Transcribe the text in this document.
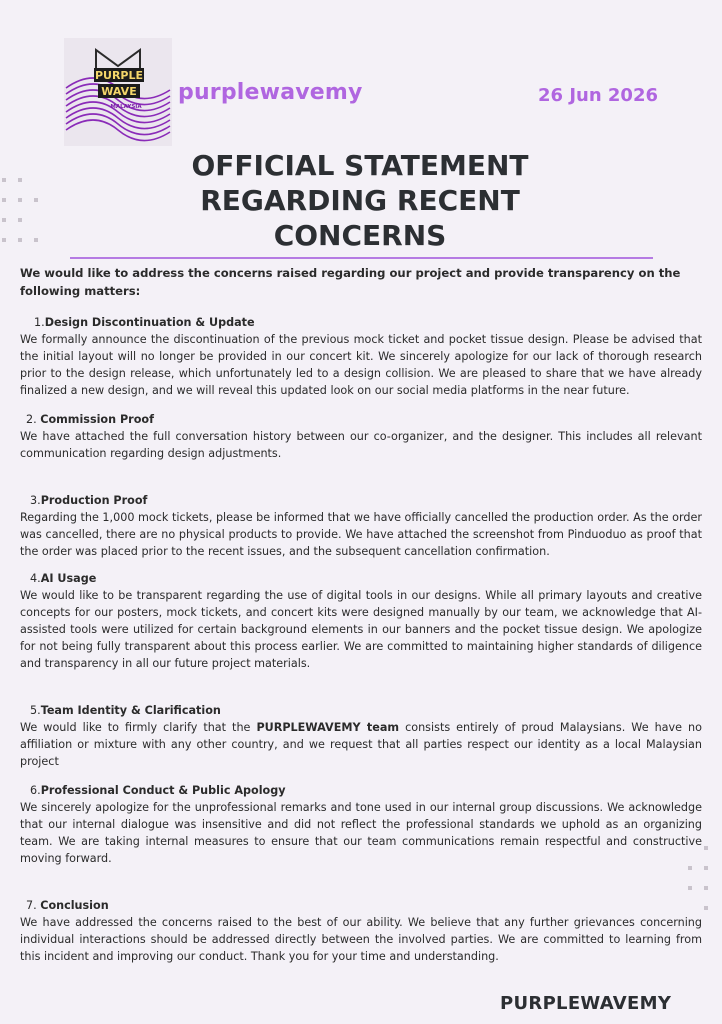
PURPLE
WAVE
MALAYSIA
purplewavemy	26 Jun 2026
OFFICIAL STATEMENT
REGARDING RECENT
CONCERNS

We would like to address the concerns raised regarding our project and provide transparency on the following matters:

1.Design Discontinuation & Update

We formally announce the discontinuation of the previous mock ticket and pocket tissue design. Please be advised that the initial layout will no longer be provided in our concert kit. We sincerely apologize for our lack of thorough research prior to the design release, which unfortunately led to a design collision. We are pleased to share that we have already finalized a new design, and we will reveal this updated look on our social media platforms in the near future.

2. Commission Proof

We have attached the full conversation history between our co-organizer, and the designer. This includes all relevant communication regarding design adjustments.

3.Production Proof

Regarding the 1,000 mock tickets, please be informed that we have officially cancelled the production order. As the order was cancelled, there are no physical products to provide. We have attached the screenshot from Pinduoduo as proof that the order was placed prior to the recent issues, and the subsequent cancellation confirmation.

4.AI Usage

We would like to be transparent regarding the use of digital tools in our designs. While all primary layouts and creative concepts for our posters, mock tickets, and concert kits were designed manually by our team, we acknowledge that AI-assisted tools were utilized for certain background elements in our banners and the pocket tissue design. We apologize for not being fully transparent about this process earlier. We are committed to maintaining higher standards of diligence and transparency in all our future project materials.

5.Team Identity & Clarification

We would like to firmly clarify that the PURPLEWAVEMY team consists entirely of proud Malaysians. We have no affiliation or mixture with any other country, and we request that all parties respect our identity as a local Malaysian project

6.Professional Conduct & Public Apology

We sincerely apologize for the unprofessional remarks and tone used in our internal group discussions. We acknowledge that our internal dialogue was insensitive and did not reflect the professional standards we uphold as an organizing team. We are taking internal measures to ensure that our team communications remain respectful and constructive moving forward.

7. Conclusion

We have addressed the concerns raised to the best of our ability. We believe that any further grievances concerning individual interactions should be addressed directly between the involved parties. We are committed to learning from this incident and improving our conduct. Thank you for your time and understanding.

PURPLEWAVEMY
